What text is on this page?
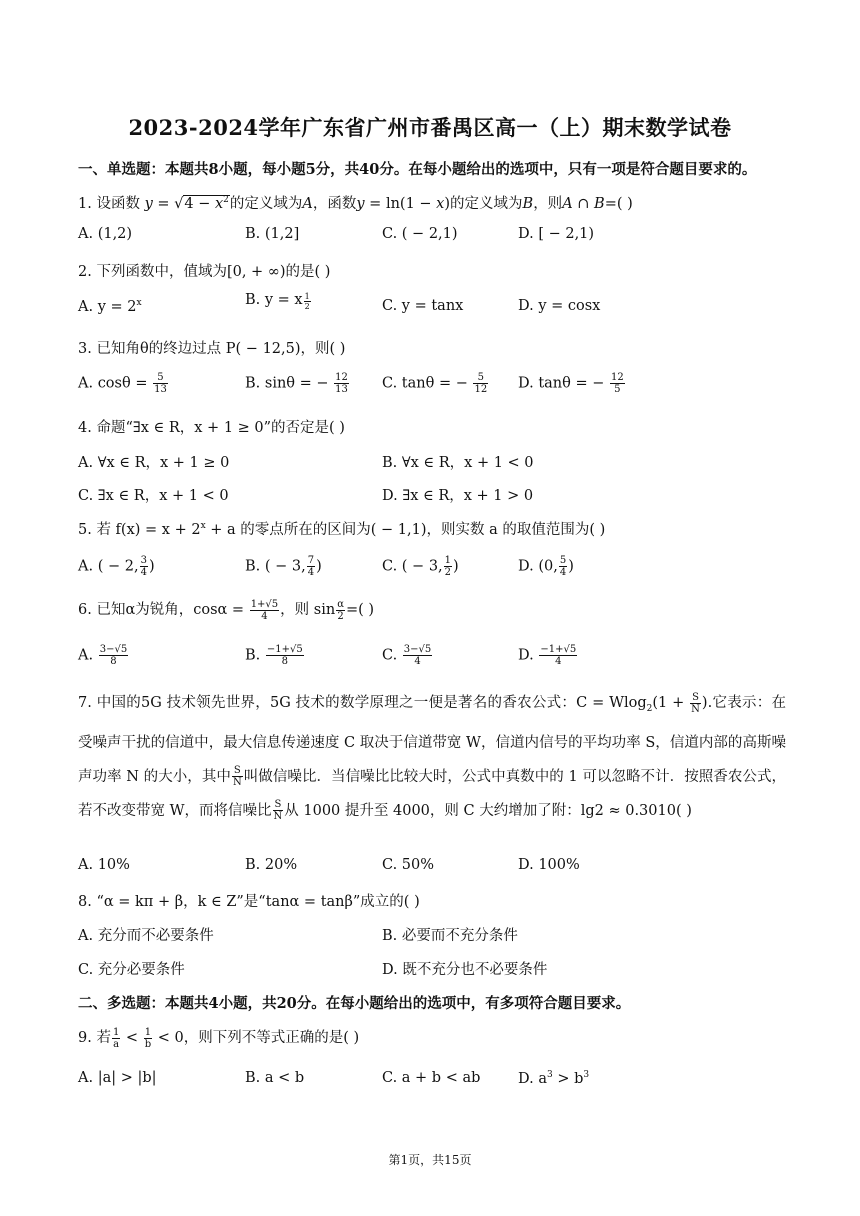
2023-2024学年广东省广州市番禺区高一（上）期末数学试卷
一、单选题：本题共8小题，每小题5分，共40分。在每小题给出的选项中，只有一项是符合题目要求的。
1. 设函数 $y = √4 - x^2$的定义域为A，函数y = ln(1 − x)的定义域为B，则A ∩ B=( )
A. (1,2)	B. (1,2]	C. ( − 2,1)	D. [ − 2,1)
2. 下列函数中，值域为[0, + ∞)的是( )
A. $y = 2^x$	B. y = x $\frac{1}{2}$	C. y = tanx	D. y = cosx
3. 已知角θ的终边过点 P( − 12,5)，则( )
A. $\cos\theta = \frac{5}{13}$	B. sinθ = − $\frac{12}{13} C$. tanθ = − $\frac{5}{12} D$. tanθ = − $\frac{12}{5}$
4. 命题“∃x ∈ R，x + 1 ≥ 0”的否定是( )
A. ∀x ∈ R，x + 1 ≥ 0	B. ∀x ∈ R，x + 1 < 0
C. ∃x ∈ R，x + 1 < 0	D. ∃x ∈ R，x + 1 > 0
5. 若 $f(x) = x + 2^x + a$ 的零点所在的区间为( − 1,1)，则实数 a 的取值范围为( )
A. ( − 2, $\frac{3}{4}$ )	B. ( − 3, $\frac{7}{4}$ )	C. ( − 3, $\frac{1}{2}$ )	D. (0, $\frac{5}{4}$ )
6. 已知α为锐角，$\cos\alpha = \frac{1+√5}{4}$ ，则 $\sin \frac{\alpha}{2}$ =( )
A. $\frac{3-√5}{8}$	B. $\frac{-1+√5}{8}$	C. $\frac{3-√5}{4}$	D. $\frac{-1+√5}{4}$
7. 中国的5G 技术领先世界，5G 技术的数学原理之一便是著名的香农公式：$C = Wlog_2(1 + \frac{S}{N}$ ).它表示：在受噪声干扰的信道中，最大信息传递速度 C 取决于信道带宽 W，信道内信号的平均功率 S，信道内部的高斯噪声功率 N 的大小，其中 $\frac{S}{N}$ 叫做信噪比．当信噪比比较大时，公式中真数中的 1 可以忽略不计．按照香农公式，若不改变带宽 W，而将信噪比 $\frac{S}{N}$ 从 1000 提升至 4000，则 C 大约增加了附：lg2 ≈ 0.3010( )
A. 10%	B. 20%	C. 50%	D. 100%
8. “α = kπ + β，k ∈ Z”是“tanα = tanβ”成立的( )
A. 充分而不必要条件	B. 必要而不充分条件
C. 充分必要条件	D. 既不充分也不必要条件
二、多选题：本题共4小题，共20分。在每小题给出的选项中，有多项符合题目要求。
9. 若 $\frac{1}{a} < \frac{1}{b} < 0$，则下列不等式正确的是( )
A. |a| > |b|	B. a < b	C. a + b < ab	D. $a^3 > b^3$
第1页，共15页
